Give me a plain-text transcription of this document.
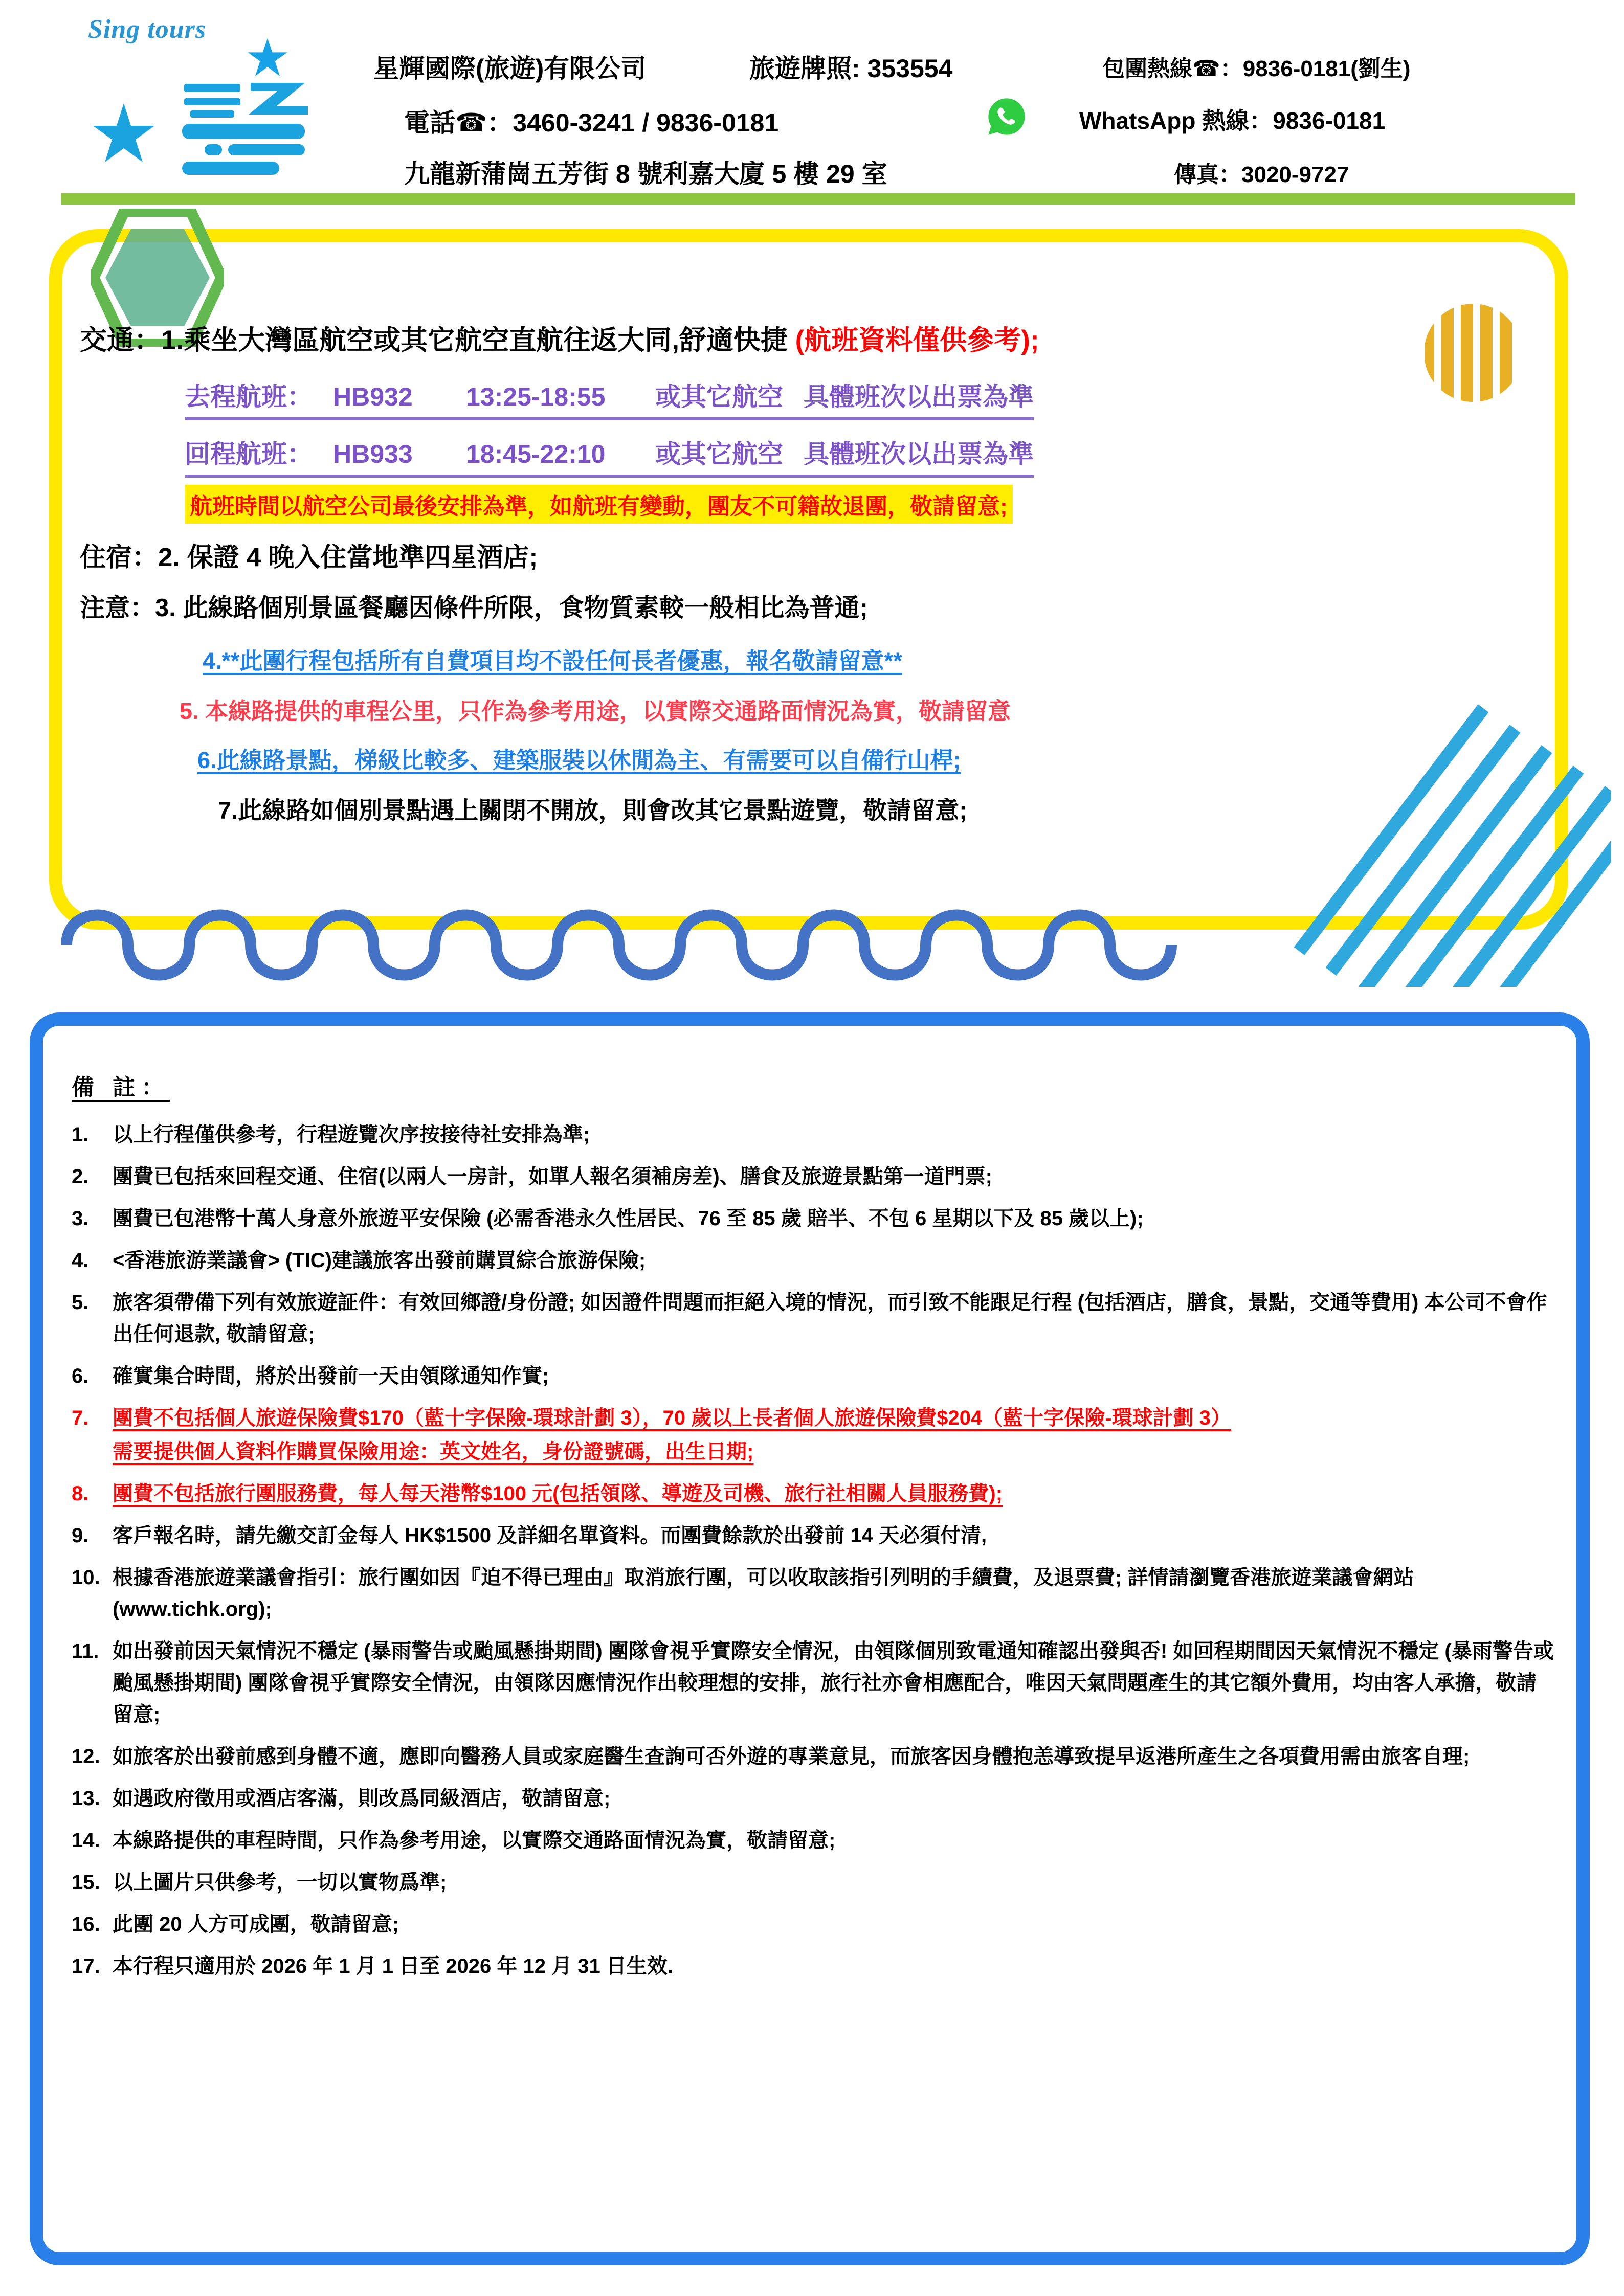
Sing tours
星輝國際(旅遊)有限公司	旅遊牌照: 353554	包團熱線☎：9836-0181(劉生)
電話☎：3460-3241 / 9836-0181	WhatsApp 熱線：9836-0181
九龍新蒲崗五芳街 8 號利嘉大廈 5 樓 29 室	傳真：3020-9727
交通：1.乘坐大灣區航空或其它航空直航往返大同,舒適快捷 (航班資料僅供參考);
去程航班： HB932 13:25-18:55 或其它航空 具體班次以出票為準
回程航班： HB933 18:45-22:10 或其它航空 具體班次以出票為準
航班時間以航空公司最後安排為準，如航班有變動，團友不可籍故退團，敬請留意;
住宿：2. 保證 4 晚入住當地準四星酒店;
注意：3. 此線路個別景區餐廳因條件所限，食物質素較一般相比為普通;
4.**此團行程包括所有自費項目均不設任何長者優惠，報名敬請留意**
5. 本線路提供的車程公里，只作為參考用途，以實際交通路面情況為實，敬請留意
6.此線路景點，梯級比較多、建築服裝以休閒為主、有需要可以自備行山桿;
7.此線路如個別景點遇上關閉不開放，則會改其它景點遊覽，敬請留意;
備 註：
1.	以上行程僅供參考，行程遊覽次序按接待社安排為準;
2.	團費已包括來回程交通、住宿(以兩人一房計，如單人報名須補房差)、膳食及旅遊景點第一道門票;
3.	團費已包港幣十萬人身意外旅遊平安保險 (必需香港永久性居民、76 至 85 歲 賠半、不包 6 星期以下及 85 歲以上);
4.	<香港旅游業議會> (TIC)建議旅客出發前購買綜合旅游保險;
5.	旅客須帶備下列有效旅遊証件：有效回鄉證/身份證; 如因證件問題而拒絕入境的情況，而引致不能跟足行程 (包括酒店，膳食，景點，交通等費用) 本公司不會作出任何退款, 敬請留意;
6.	確實集合時間，將於出發前一天由領隊通知作實;
7.	團費不包括個人旅遊保險費$170（藍十字保險-環球計劃 3），70 歲以上長者個人旅遊保險費$204（藍十字保險-環球計劃 3）
需要提供個人資料作購買保險用途：英文姓名，身份證號碼，出生日期;
8.	團費不包括旅行團服務費，每人每天港幣$100 元(包括領隊、導遊及司機、旅行社相關人員服務費);
9.	客戶報名時，請先繳交訂金每人 HK$1500 及詳細名單資料。而團費餘款於出發前 14 天必須付清,
10. 根據香港旅遊業議會指引：旅行團如因『迫不得已理由』取消旅行團，可以收取該指引列明的手續費，及退票費; 詳情請瀏覽香港旅遊業議會網站(www.tichk.org);
11. 如出發前因天氣情況不穩定 (暴雨警告或颱風懸掛期間) 團隊會視乎實際安全情況，由領隊個別致電通知確認出發與否! 如回程期間因天氣情況不穩定 (暴雨警告或颱風懸掛期間) 團隊會視乎實際安全情況，由領隊因應情況作出較理想的安排，旅行社亦會相應配合，唯因天氣問題產生的其它額外費用，均由客人承擔，敬請留意;
12. 如旅客於出發前感到身體不適，應即向醫務人員或家庭醫生查詢可否外遊的專業意見，而旅客因身體抱恙導致提早返港所產生之各項費用需由旅客自理;
13. 如遇政府徵用或酒店客滿，則改爲同級酒店，敬請留意;
14. 本線路提供的車程時間，只作為參考用途，以實際交通路面情況為實，敬請留意;
15. 以上圖片只供參考，一切以實物爲準;
16. 此團 20 人方可成團，敬請留意;
17. 本行程只適用於 2026 年 1 月 1 日至 2026 年 12 月 31 日生效.
